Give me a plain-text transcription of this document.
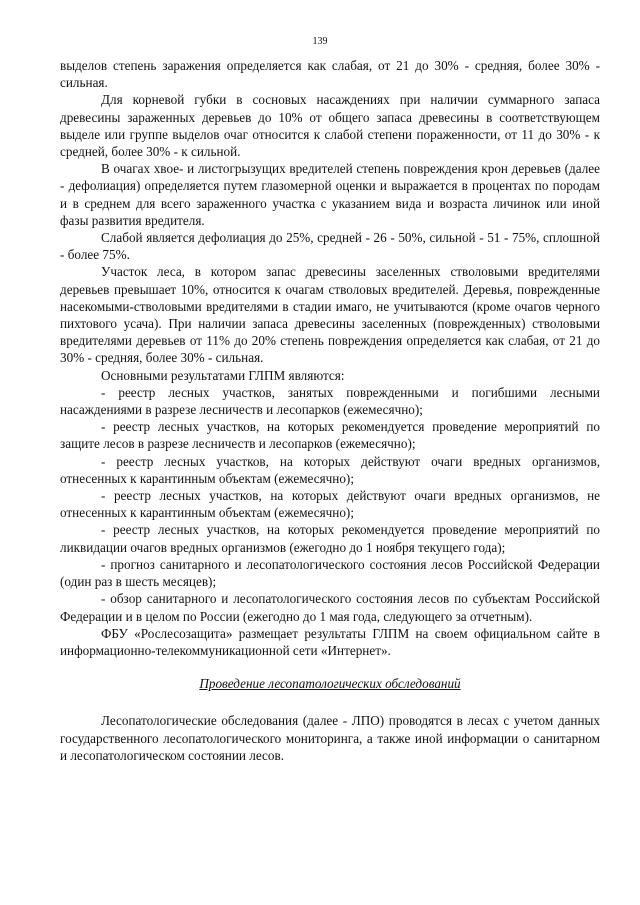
139

выделов степень заражения определяется как слабая, от 21 до 30% - средняя, более 30% - сильная.

Для корневой губки в сосновых насаждениях при наличии суммарного запаса древесины зараженных деревьев до 10% от общего запаса древесины в соответствующем выделе или группе выделов очаг относится к слабой степени пораженности, от 11 до 30% - к средней, более 30% - к сильной.

В очагах хвое- и листогрызущих вредителей степень повреждения крон деревьев (далее - дефолиация) определяется путем глазомерной оценки и выражается в процентах по породам и в среднем для всего зараженного участка с указанием вида и возраста личинок или иной фазы развития вредителя.

Слабой является дефолиация до 25%, средней - 26 - 50%, сильной - 51 - 75%, сплошной - более 75%.

Участок леса, в котором запас древесины заселенных стволовыми вредителями деревьев превышает 10%, относится к очагам стволовых вредителей. Деревья, поврежденные насекомыми-стволовыми вредителями в стадии имаго, не учитываются (кроме очагов черного пихтового усача). При наличии запаса древесины заселенных (поврежденных) стволовыми вредителями деревьев от 11% до 20% степень повреждения определяется как слабая, от 21 до 30% - средняя, более 30% - сильная.

Основными результатами ГЛПМ являются:

- реестр лесных участков, занятых поврежденными и погибшими лесными насаждениями в разрезе лесничеств и лесопарков (ежемесячно);

- реестр лесных участков, на которых рекомендуется проведение мероприятий по защите лесов в разрезе лесничеств и лесопарков (ежемесячно);

- реестр лесных участков, на которых действуют очаги вредных организмов, отнесенных к карантинным объектам (ежемесячно);

- реестр лесных участков, на которых действуют очаги вредных организмов, не отнесенных к карантинным объектам (ежемесячно);

- реестр лесных участков, на которых рекомендуется проведение мероприятий по ликвидации очагов вредных организмов (ежегодно до 1 ноября текущего года);

- прогноз санитарного и лесопатологического состояния лесов Российской Федерации (один раз в шесть месяцев);

- обзор санитарного и лесопатологического состояния лесов по субъектам Российской Федерации и в целом по России (ежегодно до 1 мая года, следующего за отчетным).

ФБУ «Рослесозащита» размещает результаты ГЛПМ на своем официальном сайте в информационно-телекоммуникационной сети «Интернет».

Проведение лесопатологических обследований

Лесопатологические обследования (далее - ЛПО) проводятся в лесах с учетом данных государственного лесопатологического мониторинга, а также иной информации о санитарном и лесопатологическом состоянии лесов.
